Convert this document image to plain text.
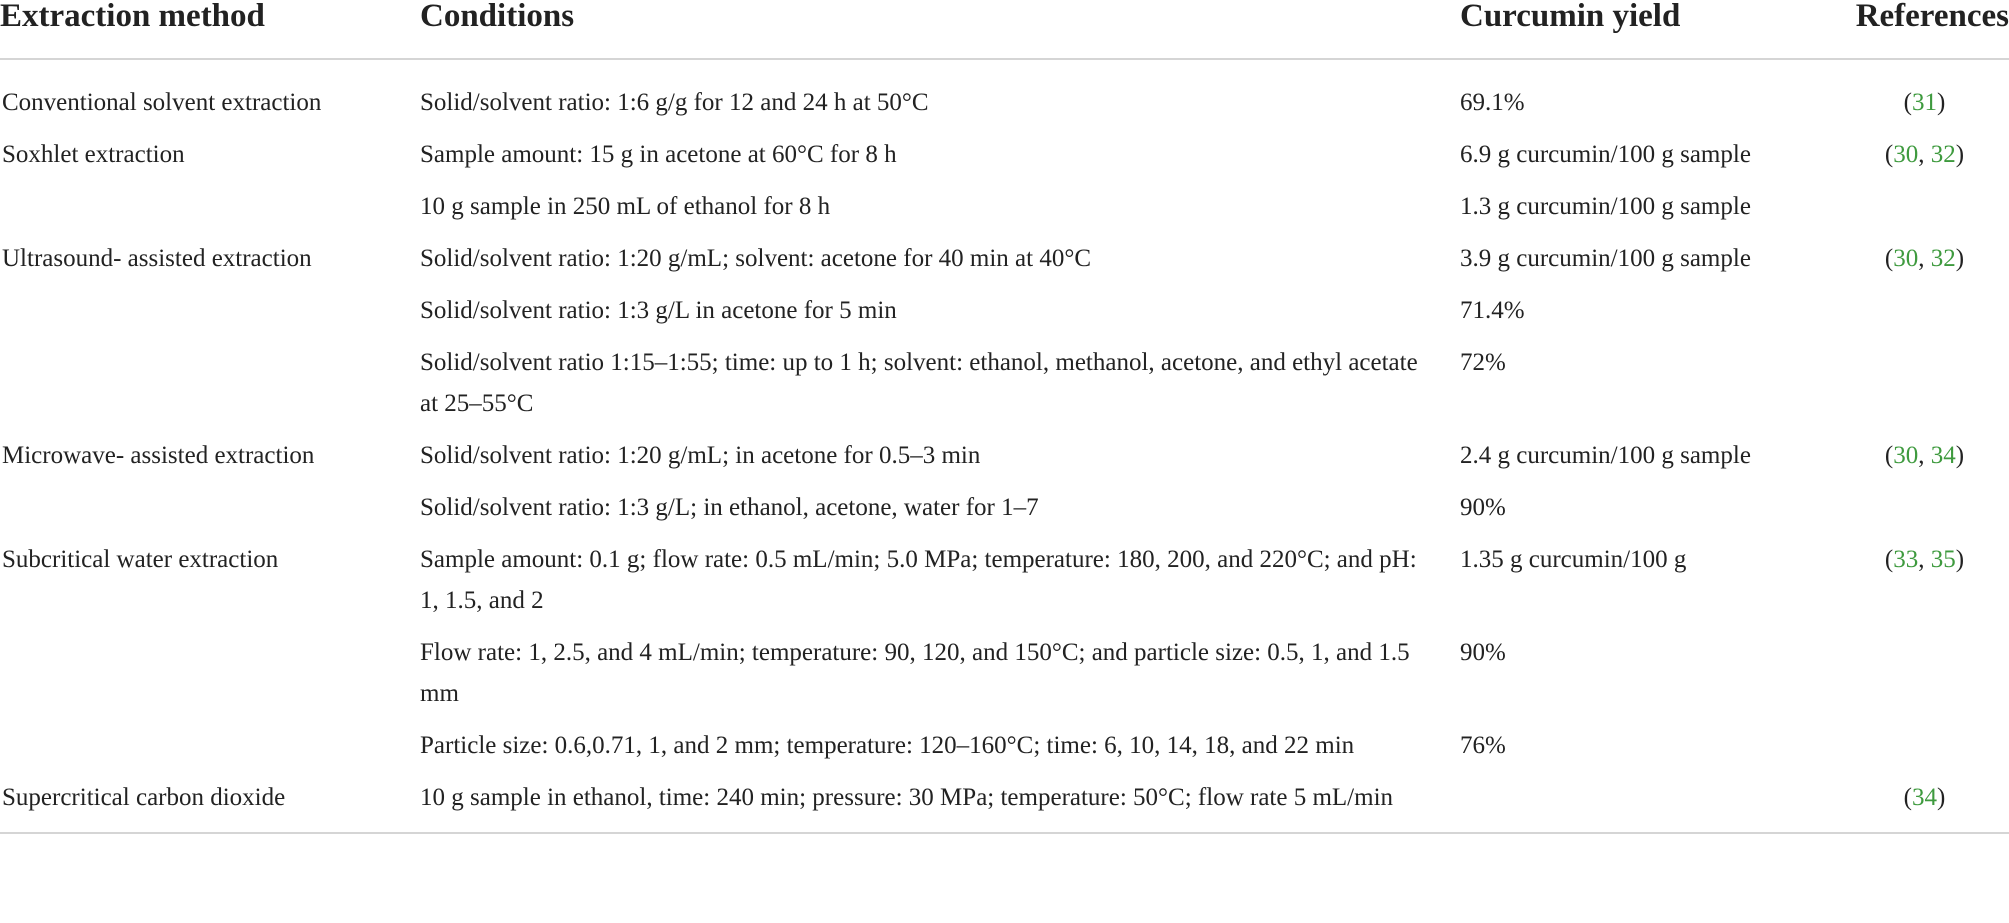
Extraction method	Conditions	Curcumin yield	References
Conventional solvent extraction	Solid/solvent ratio: 1:6 g/g for 12 and 24 h at 50°C	69.1%	(31)
Soxhlet extraction	Sample amount: 15 g in acetone at 60°C for 8 h	6.9 g curcumin/100 g sample	(30, 32)
	10 g sample in 250 mL of ethanol for 8 h	1.3 g curcumin/100 g sample	
Ultrasound- assisted extraction	Solid/solvent ratio: 1:20 g/mL; solvent: acetone for 40 min at 40°C	3.9 g curcumin/100 g sample	(30, 32)
	Solid/solvent ratio: 1:3 g/L in acetone for 5 min	71.4%	
	Solid/solvent ratio 1:15–1:55; time: up to 1 h; solvent: ethanol, methanol, acetone, and ethyl acetate at 25–55°C	72%	
Microwave- assisted extraction	Solid/solvent ratio: 1:20 g/mL; in acetone for 0.5–3 min	2.4 g curcumin/100 g sample	(30, 34)
	Solid/solvent ratio: 1:3 g/L; in ethanol, acetone, water for 1–7	90%	
Subcritical water extraction	Sample amount: 0.1 g; flow rate: 0.5 mL/min; 5.0 MPa; temperature: 180, 200, and 220°C; and pH: 1, 1.5, and 2	1.35 g curcumin/100 g	(33, 35)
	Flow rate: 1, 2.5, and 4 mL/min; temperature: 90, 120, and 150°C; and particle size: 0.5, 1, and 1.5 mm	90%	
	Particle size: 0.6,0.71, 1, and 2 mm; temperature: 120–160°C; time: 6, 10, 14, 18, and 22 min	76%	
Supercritical carbon dioxide	10 g sample in ethanol, time: 240 min; pressure: 30 MPa; temperature: 50°C; flow rate 5 mL/min		(34)
